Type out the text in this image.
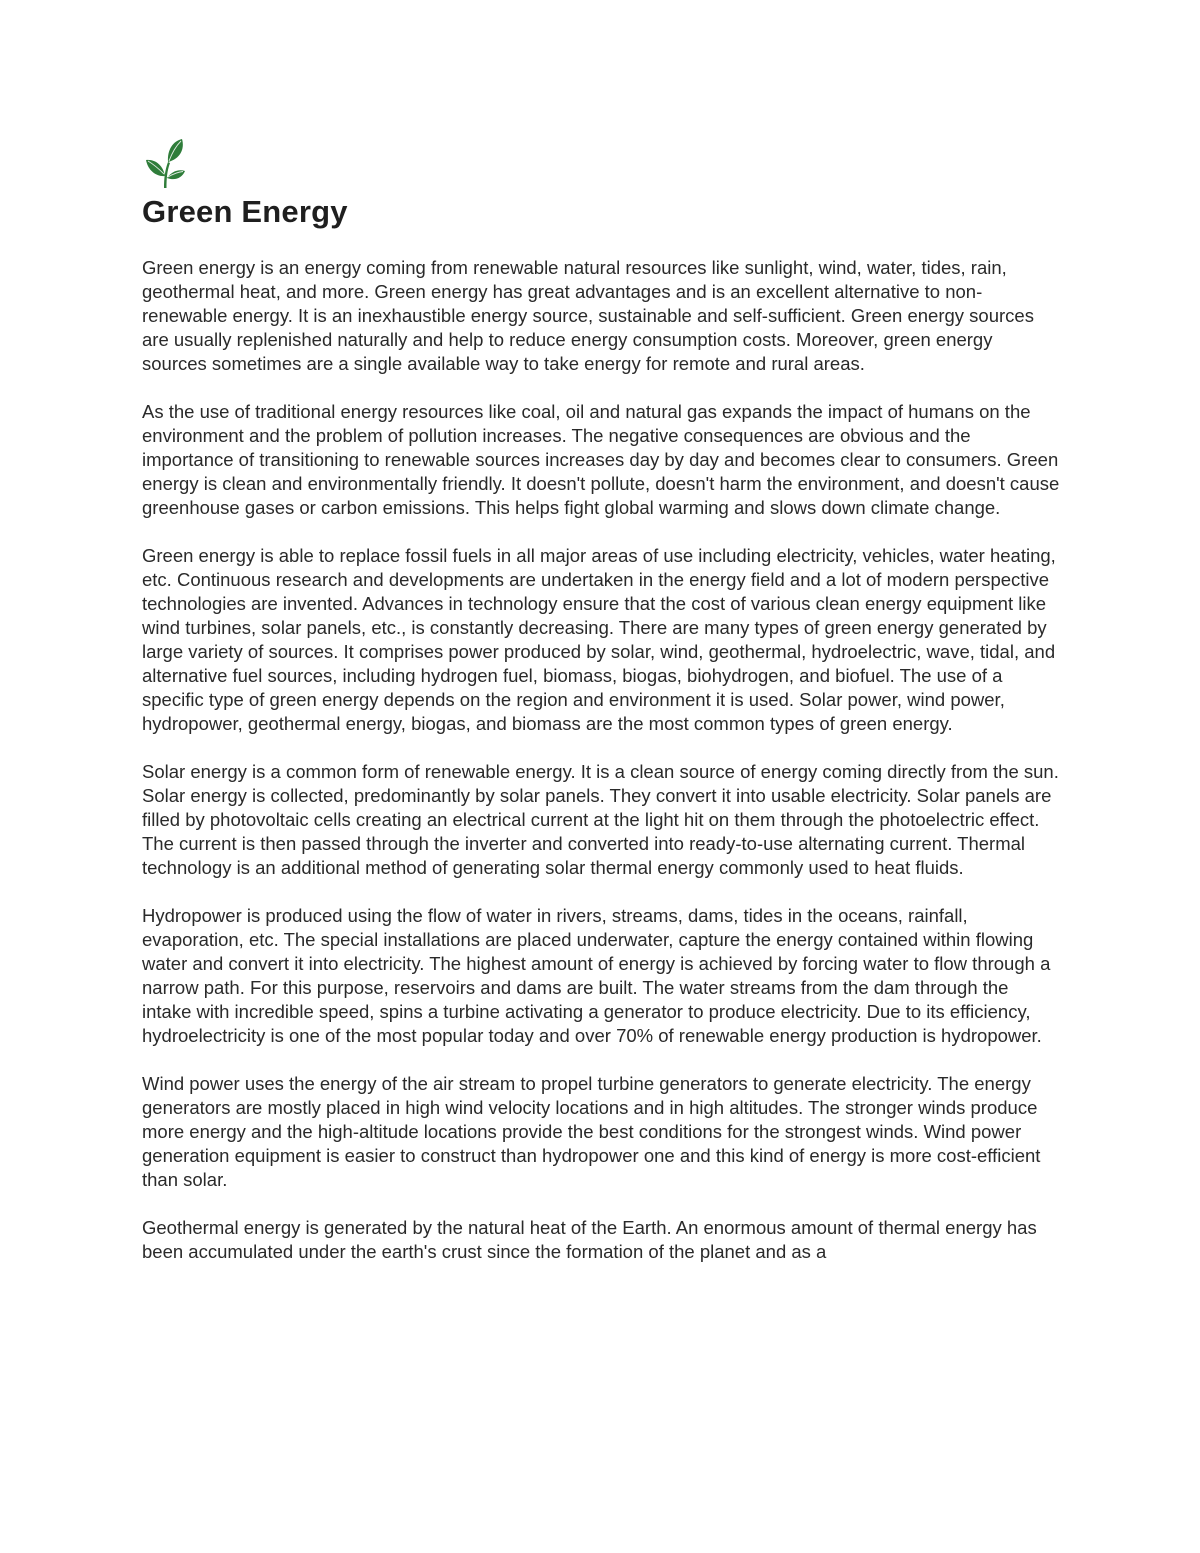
Green Energy

Green energy is an energy coming from renewable natural resources like sunlight, wind, water, tides, rain, geothermal heat, and more. Green energy has great advantages and is an excellent alternative to non-renewable energy. It is an inexhaustible energy source, sustainable and self-sufficient. Green energy sources are usually replenished naturally and help to reduce energy consumption costs. Moreover, green energy sources sometimes are a single available way to take energy for remote and rural areas.

As the use of traditional energy resources like coal, oil and natural gas expands the impact of humans on the environment and the problem of pollution increases. The negative consequences are obvious and the importance of transitioning to renewable sources increases day by day and becomes clear to consumers. Green energy is clean and environmentally friendly. It doesn't pollute, doesn't harm the environment, and doesn't cause greenhouse gases or carbon emissions. This helps fight global warming and slows down climate change.

Green energy is able to replace fossil fuels in all major areas of use including electricity, vehicles, water heating, etc. Continuous research and developments are undertaken in the energy field and a lot of modern perspective technologies are invented. Advances in technology ensure that the cost of various clean energy equipment like wind turbines, solar panels, etc., is constantly decreasing. There are many types of green energy generated by large variety of sources. It comprises power produced by solar, wind, geothermal, hydroelectric, wave, tidal, and alternative fuel sources, including hydrogen fuel, biomass, biogas, biohydrogen, and biofuel. The use of a specific type of green energy depends on the region and environment it is used. Solar power, wind power, hydropower, geothermal energy, biogas, and biomass are the most common types of green energy.

Solar energy is a common form of renewable energy. It is a clean source of energy coming directly from the sun. Solar energy is collected, predominantly by solar panels. They convert it into usable electricity. Solar panels are filled by photovoltaic cells creating an electrical current at the light hit on them through the photoelectric effect. The current is then passed through the inverter and converted into ready-to-use alternating current. Thermal technology is an additional method of generating solar thermal energy commonly used to heat fluids.

Hydropower is produced using the flow of water in rivers, streams, dams, tides in the oceans, rainfall, evaporation, etc. The special installations are placed underwater, capture the energy contained within flowing water and convert it into electricity. The highest amount of energy is achieved by forcing water to flow through a narrow path. For this purpose, reservoirs and dams are built. The water streams from the dam through the intake with incredible speed, spins a turbine activating a generator to produce electricity. Due to its efficiency, hydroelectricity is one of the most popular today and over 70% of renewable energy production is hydropower.

Wind power uses the energy of the air stream to propel turbine generators to generate electricity. The energy generators are mostly placed in high wind velocity locations and in high altitudes. The stronger winds produce more energy and the high-altitude locations provide the best conditions for the strongest winds. Wind power generation equipment is easier to construct than hydropower one and this kind of energy is more cost-efficient than solar.

Geothermal energy is generated by the natural heat of the Earth. An enormous amount of thermal energy has been accumulated under the earth's crust since the formation of the planet and as a
